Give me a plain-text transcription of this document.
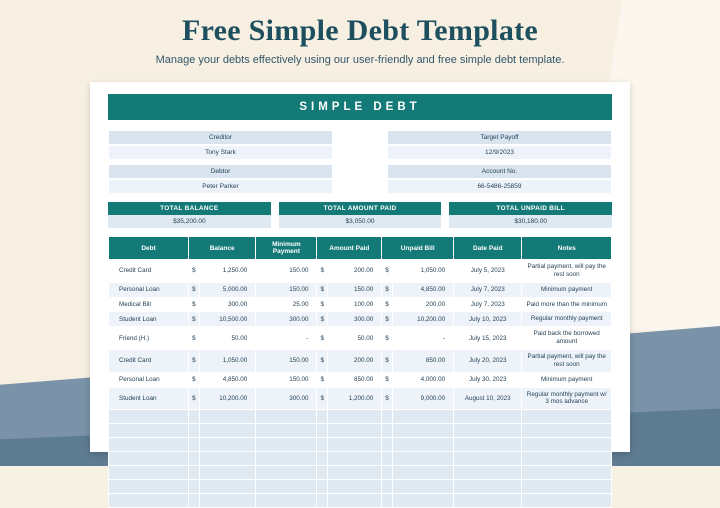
Free Simple Debt Template
Manage your debts effectively using our user-friendly and free simple debt template.
SIMPLE DEBT
Creditor
Tony Stark
Target Payoff
12/9/2023
Debtor
Peter Parker
Account No.
66-5486-25859
TOTAL BALANCE
$35,200.00
TOTAL AMOUNT PAID
$3,050.00
TOTAL UNPAID BILL
$30,180.00
Debt	Balance		Minimum Payment	Amount Paid		Unpaid Bill		Date Paid	Notes
Credit Card	$	1,250.00	150.00	$	200.00	$	1,050.00	July 5, 2023	Partial payment, will pay the rest soon
Personal Loan	$	5,000.00	150.00	$	150.00	$	4,850.00	July 7, 2023	Minimum payment
Medical Bill	$	300.00	25.00	$	100.00	$	200.00	July 7, 2023	Paid more than the minimum
Student Loan	$	10,500.00	300.00	$	300.00	$	10,200.00	July 10, 2023	Regular monthly payment
Friend (H.)	$	50.00	-	$	50.00	$	-	July 15, 2023	Paid back the borrowed amount
Credit Card	$	1,050.00	150.00	$	200.00	$	850.00	July 20, 2023	Partial payment, will pay the rest soon
Personal Loan	$	4,850.00	150.00	$	850.00	$	4,000.00	July 30, 2023	Minimum payment
Student Loan	$	10,200.00	300.00	$	1,200.00	$	9,000.00	August 10, 2023	Regular monthly payment w/ 3 mos advance
